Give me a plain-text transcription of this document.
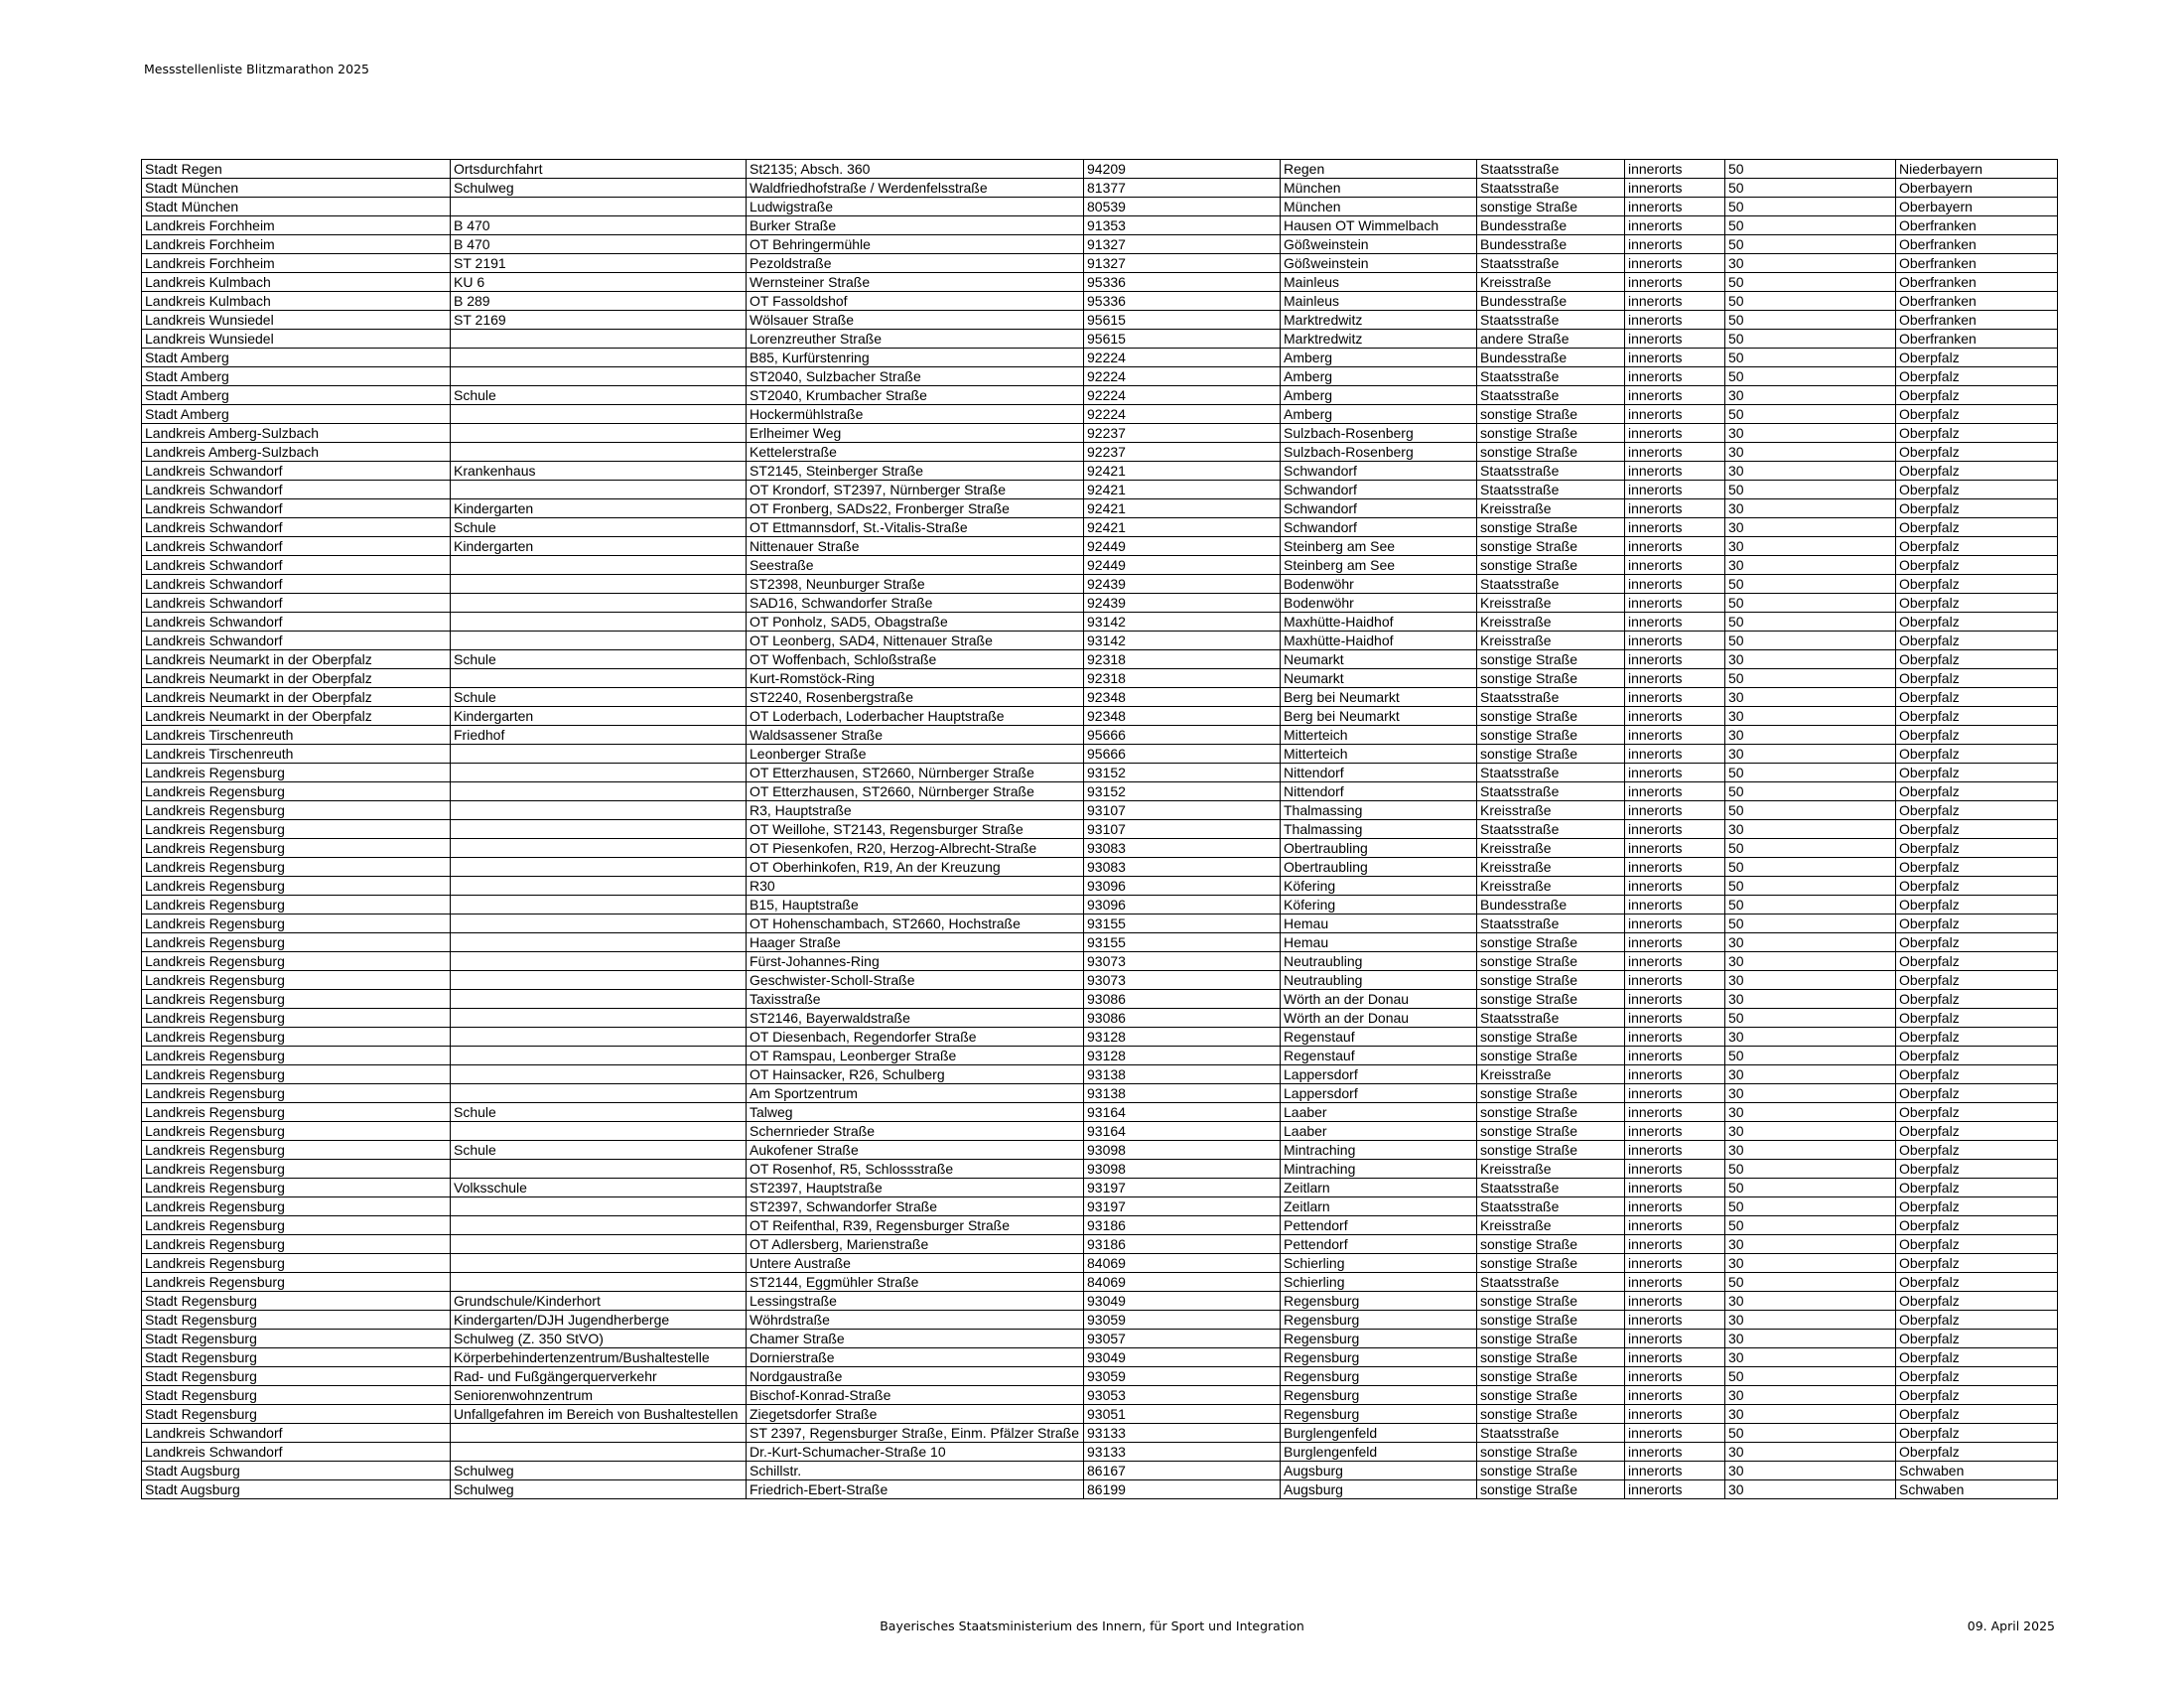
Messstellenliste Blitzmarathon 2025
Stadt Regen	Ortsdurchfahrt	St2135; Absch. 360	94209	Regen	Staatsstraße	innerorts	50	Niederbayern
Stadt München	Schulweg	Waldfriedhofstraße / Werdenfelsstraße	81377	München	Staatsstraße	innerorts	50	Oberbayern
Stadt München		Ludwigstraße	80539	München	sonstige Straße	innerorts	50	Oberbayern
Landkreis Forchheim	B 470	Burker Straße	91353	Hausen OT Wimmelbach	Bundesstraße	innerorts	50	Oberfranken
Landkreis Forchheim	B 470	OT Behringermühle	91327	Gößweinstein	Bundesstraße	innerorts	50	Oberfranken
Landkreis Forchheim	ST 2191	Pezoldstraße	91327	Gößweinstein	Staatsstraße	innerorts	30	Oberfranken
Landkreis Kulmbach	KU 6	Wernsteiner Straße	95336	Mainleus	Kreisstraße	innerorts	50	Oberfranken
Landkreis Kulmbach	B 289	OT Fassoldshof	95336	Mainleus	Bundesstraße	innerorts	50	Oberfranken
Landkreis Wunsiedel	ST 2169	Wölsauer Straße	95615	Marktredwitz	Staatsstraße	innerorts	50	Oberfranken
Landkreis Wunsiedel		Lorenzreuther Straße	95615	Marktredwitz	andere Straße	innerorts	50	Oberfranken
Stadt Amberg		B85, Kurfürstenring	92224	Amberg	Bundesstraße	innerorts	50	Oberpfalz
Stadt Amberg		ST2040, Sulzbacher Straße	92224	Amberg	Staatsstraße	innerorts	50	Oberpfalz
Stadt Amberg	Schule	ST2040, Krumbacher Straße	92224	Amberg	Staatsstraße	innerorts	30	Oberpfalz
Stadt Amberg		Hockermühlstraße	92224	Amberg	sonstige Straße	innerorts	50	Oberpfalz
Landkreis Amberg-Sulzbach		Erlheimer Weg	92237	Sulzbach-Rosenberg	sonstige Straße	innerorts	30	Oberpfalz
Landkreis Amberg-Sulzbach		Kettelerstraße	92237	Sulzbach-Rosenberg	sonstige Straße	innerorts	30	Oberpfalz
Landkreis Schwandorf	Krankenhaus	ST2145, Steinberger Straße	92421	Schwandorf	Staatsstraße	innerorts	30	Oberpfalz
Landkreis Schwandorf		OT Krondorf, ST2397, Nürnberger Straße	92421	Schwandorf	Staatsstraße	innerorts	50	Oberpfalz
Landkreis Schwandorf	Kindergarten	OT Fronberg, SADs22, Fronberger Straße	92421	Schwandorf	Kreisstraße	innerorts	30	Oberpfalz
Landkreis Schwandorf	Schule	OT Ettmannsdorf, St.-Vitalis-Straße	92421	Schwandorf	sonstige Straße	innerorts	30	Oberpfalz
Landkreis Schwandorf	Kindergarten	Nittenauer Straße	92449	Steinberg am See	sonstige Straße	innerorts	30	Oberpfalz
Landkreis Schwandorf		Seestraße	92449	Steinberg am See	sonstige Straße	innerorts	30	Oberpfalz
Landkreis Schwandorf		ST2398, Neunburger Straße	92439	Bodenwöhr	Staatsstraße	innerorts	50	Oberpfalz
Landkreis Schwandorf		SAD16, Schwandorfer Straße	92439	Bodenwöhr	Kreisstraße	innerorts	50	Oberpfalz
Landkreis Schwandorf		OT Ponholz, SAD5, Obagstraße	93142	Maxhütte-Haidhof	Kreisstraße	innerorts	50	Oberpfalz
Landkreis Schwandorf		OT Leonberg, SAD4, Nittenauer Straße	93142	Maxhütte-Haidhof	Kreisstraße	innerorts	50	Oberpfalz
Landkreis Neumarkt in der Oberpfalz	Schule	OT Woffenbach, Schloßstraße	92318	Neumarkt	sonstige Straße	innerorts	30	Oberpfalz
Landkreis Neumarkt in der Oberpfalz		Kurt-Romstöck-Ring	92318	Neumarkt	sonstige Straße	innerorts	50	Oberpfalz
Landkreis Neumarkt in der Oberpfalz	Schule	ST2240, Rosenbergstraße	92348	Berg bei Neumarkt	Staatsstraße	innerorts	30	Oberpfalz
Landkreis Neumarkt in der Oberpfalz	Kindergarten	OT Loderbach, Loderbacher Hauptstraße	92348	Berg bei Neumarkt	sonstige Straße	innerorts	30	Oberpfalz
Landkreis Tirschenreuth	Friedhof	Waldsassener Straße	95666	Mitterteich	sonstige Straße	innerorts	30	Oberpfalz
Landkreis Tirschenreuth		Leonberger Straße	95666	Mitterteich	sonstige Straße	innerorts	30	Oberpfalz
Landkreis Regensburg		OT Etterzhausen, ST2660, Nürnberger Straße	93152	Nittendorf	Staatsstraße	innerorts	50	Oberpfalz
Landkreis Regensburg		OT Etterzhausen, ST2660, Nürnberger Straße	93152	Nittendorf	Staatsstraße	innerorts	50	Oberpfalz
Landkreis Regensburg		R3, Hauptstraße	93107	Thalmassing	Kreisstraße	innerorts	50	Oberpfalz
Landkreis Regensburg		OT Weillohe, ST2143, Regensburger Straße	93107	Thalmassing	Staatsstraße	innerorts	30	Oberpfalz
Landkreis Regensburg		OT Piesenkofen, R20, Herzog-Albrecht-Straße	93083	Obertraubling	Kreisstraße	innerorts	50	Oberpfalz
Landkreis Regensburg		OT Oberhinkofen, R19, An der Kreuzung	93083	Obertraubling	Kreisstraße	innerorts	50	Oberpfalz
Landkreis Regensburg		R30	93096	Köfering	Kreisstraße	innerorts	50	Oberpfalz
Landkreis Regensburg		B15, Hauptstraße	93096	Köfering	Bundesstraße	innerorts	50	Oberpfalz
Landkreis Regensburg		OT Hohenschambach, ST2660, Hochstraße	93155	Hemau	Staatsstraße	innerorts	50	Oberpfalz
Landkreis Regensburg		Haager Straße	93155	Hemau	sonstige Straße	innerorts	30	Oberpfalz
Landkreis Regensburg		Fürst-Johannes-Ring	93073	Neutraubling	sonstige Straße	innerorts	30	Oberpfalz
Landkreis Regensburg		Geschwister-Scholl-Straße	93073	Neutraubling	sonstige Straße	innerorts	30	Oberpfalz
Landkreis Regensburg		Taxisstraße	93086	Wörth an der Donau	sonstige Straße	innerorts	30	Oberpfalz
Landkreis Regensburg		ST2146, Bayerwaldstraße	93086	Wörth an der Donau	Staatsstraße	innerorts	50	Oberpfalz
Landkreis Regensburg		OT Diesenbach, Regendorfer Straße	93128	Regenstauf	sonstige Straße	innerorts	30	Oberpfalz
Landkreis Regensburg		OT Ramspau, Leonberger Straße	93128	Regenstauf	sonstige Straße	innerorts	50	Oberpfalz
Landkreis Regensburg		OT Hainsacker, R26, Schulberg	93138	Lappersdorf	Kreisstraße	innerorts	30	Oberpfalz
Landkreis Regensburg		Am Sportzentrum	93138	Lappersdorf	sonstige Straße	innerorts	30	Oberpfalz
Landkreis Regensburg	Schule	Talweg	93164	Laaber	sonstige Straße	innerorts	30	Oberpfalz
Landkreis Regensburg		Schernrieder Straße	93164	Laaber	sonstige Straße	innerorts	30	Oberpfalz
Landkreis Regensburg	Schule	Aukofener Straße	93098	Mintraching	sonstige Straße	innerorts	30	Oberpfalz
Landkreis Regensburg		OT Rosenhof, R5, Schlossstraße	93098	Mintraching	Kreisstraße	innerorts	50	Oberpfalz
Landkreis Regensburg	Volksschule	ST2397, Hauptstraße	93197	Zeitlarn	Staatsstraße	innerorts	50	Oberpfalz
Landkreis Regensburg		ST2397, Schwandorfer Straße	93197	Zeitlarn	Staatsstraße	innerorts	50	Oberpfalz
Landkreis Regensburg		OT Reifenthal, R39, Regensburger Straße	93186	Pettendorf	Kreisstraße	innerorts	50	Oberpfalz
Landkreis Regensburg		OT Adlersberg, Marienstraße	93186	Pettendorf	sonstige Straße	innerorts	30	Oberpfalz
Landkreis Regensburg		Untere Austraße	84069	Schierling	sonstige Straße	innerorts	30	Oberpfalz
Landkreis Regensburg		ST2144, Eggmühler Straße	84069	Schierling	Staatsstraße	innerorts	50	Oberpfalz
Stadt Regensburg	Grundschule/Kinderhort	Lessingstraße	93049	Regensburg	sonstige Straße	innerorts	30	Oberpfalz
Stadt Regensburg	Kindergarten/DJH Jugendherberge	Wöhrdstraße	93059	Regensburg	sonstige Straße	innerorts	30	Oberpfalz
Stadt Regensburg	Schulweg (Z. 350 StVO)	Chamer Straße	93057	Regensburg	sonstige Straße	innerorts	30	Oberpfalz
Stadt Regensburg	Körperbehindertenzentrum/Bushaltestelle	Dornierstraße	93049	Regensburg	sonstige Straße	innerorts	30	Oberpfalz
Stadt Regensburg	Rad- und Fußgängerquerverkehr	Nordgaustraße	93059	Regensburg	sonstige Straße	innerorts	50	Oberpfalz
Stadt Regensburg	Seniorenwohnzentrum	Bischof-Konrad-Straße	93053	Regensburg	sonstige Straße	innerorts	30	Oberpfalz
Stadt Regensburg	Unfallgefahren im Bereich von Bushaltestellen	Ziegetsdorfer Straße	93051	Regensburg	sonstige Straße	innerorts	30	Oberpfalz
Landkreis Schwandorf		ST 2397, Regensburger Straße, Einm. Pfälzer Straße	93133	Burglengenfeld	Staatsstraße	innerorts	50	Oberpfalz
Landkreis Schwandorf		Dr.-Kurt-Schumacher-Straße 10	93133	Burglengenfeld	sonstige Straße	innerorts	30	Oberpfalz
Stadt Augsburg	Schulweg	Schillstr.	86167	Augsburg	sonstige Straße	innerorts	30	Schwaben
Stadt Augsburg	Schulweg	Friedrich-Ebert-Straße	86199	Augsburg	sonstige Straße	innerorts	30	Schwaben
Bayerisches Staatsministerium des Innern, für Sport und Integration	09. April 2025
